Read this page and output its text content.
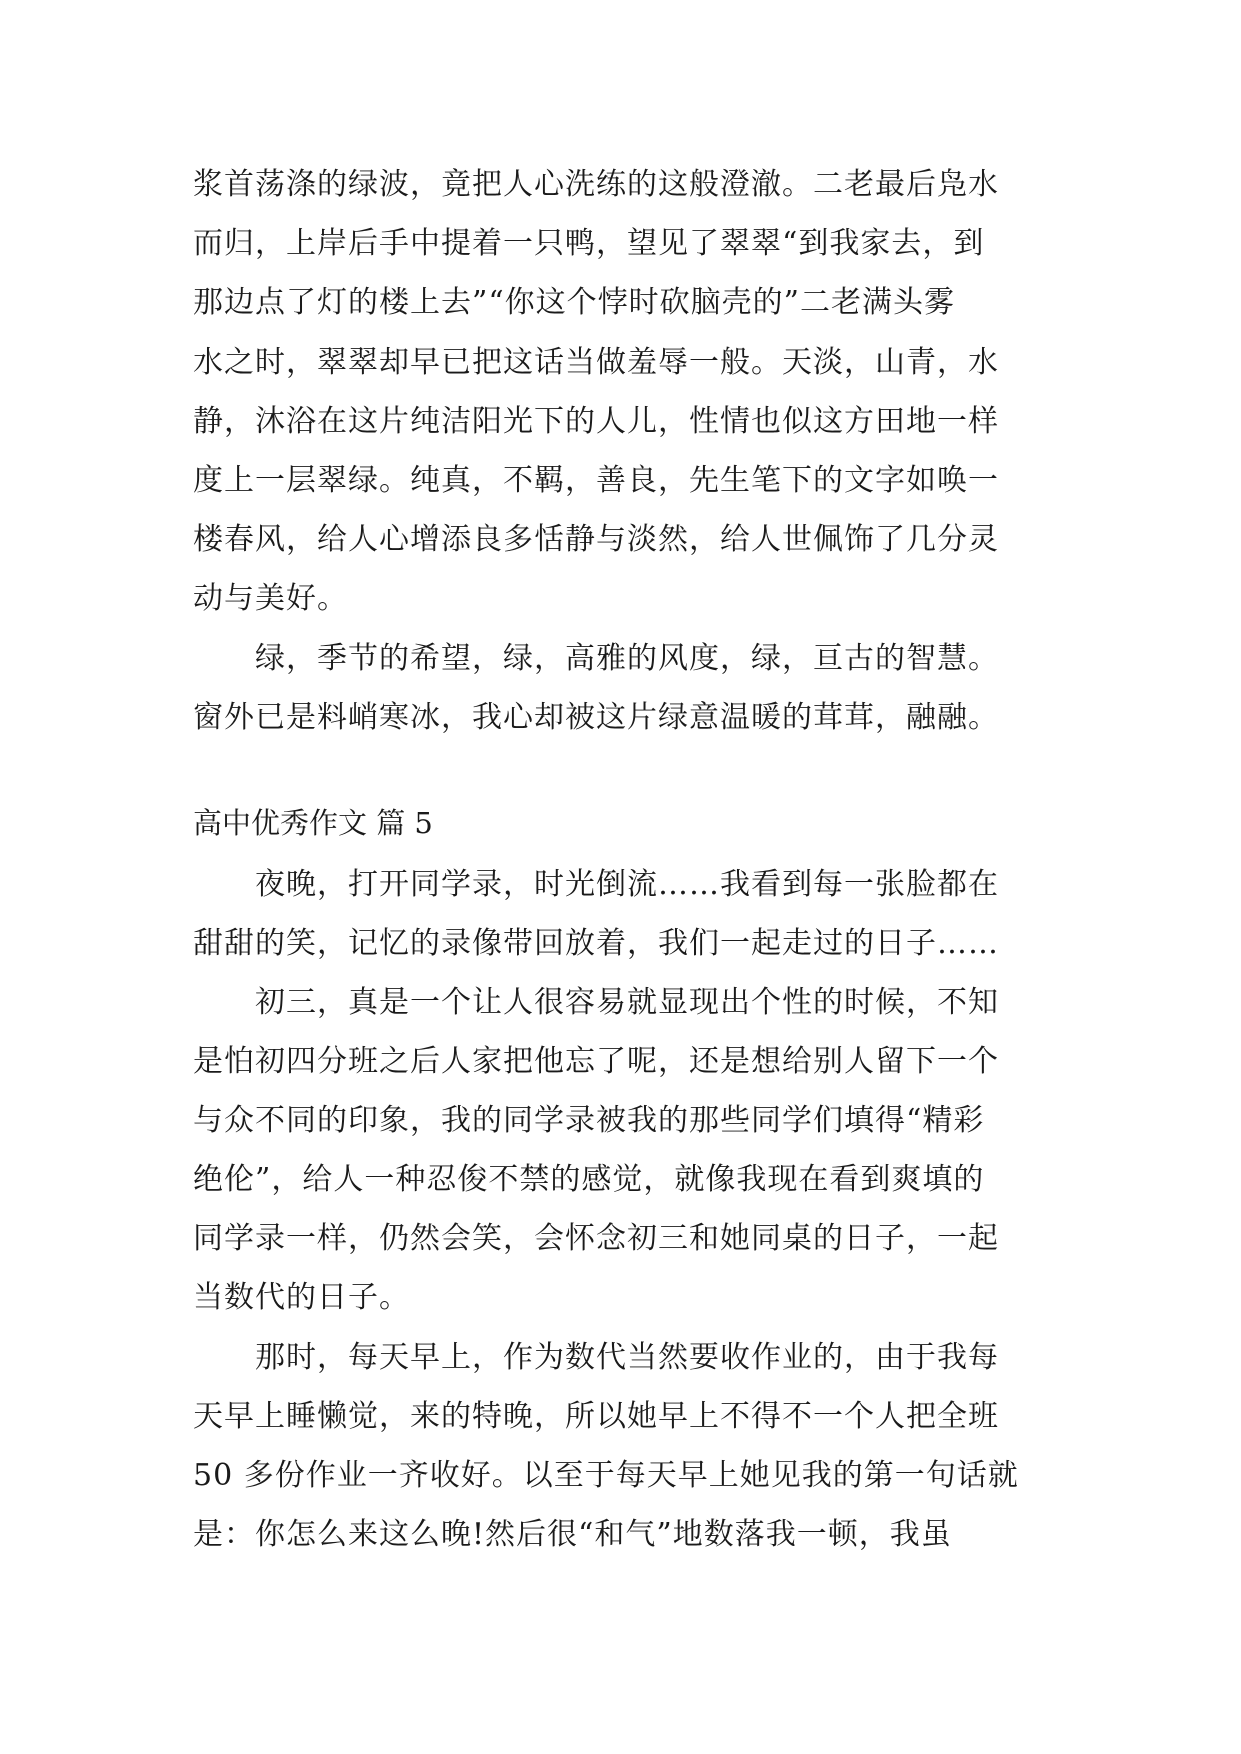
浆首荡涤的绿波，竟把人心洗练的这般澄澈。二老最后凫水
而归，上岸后手中提着一只鸭，望见了翠翠“到我家去，到
那边点了灯的楼上去”“你这个悖时砍脑壳的”二老满头雾
水之时，翠翠却早已把这话当做羞辱一般。天淡，山青，水
静，沐浴在这片纯洁阳光下的人儿，性情也似这方田地一样
度上一层翠绿。纯真，不羁，善良，先生笔下的文字如唤一
楼春风，给人心增添良多恬静与淡然，给人世佩饰了几分灵
动与美好。
　　绿，季节的希望，绿，高雅的风度，绿，亘古的智慧。
窗外已是料峭寒冰，我心却被这片绿意温暖的茸茸，融融。
高中优秀作文 篇 5
　　夜晚，打开同学录，时光倒流……我看到每一张脸都在
甜甜的笑，记忆的录像带回放着，我们一起走过的日子……
　　初三，真是一个让人很容易就显现出个性的时候，不知
是怕初四分班之后人家把他忘了呢，还是想给别人留下一个
与众不同的印象，我的同学录被我的那些同学们填得“精彩
绝伦”，给人一种忍俊不禁的感觉，就像我现在看到爽填的
同学录一样，仍然会笑，会怀念初三和她同桌的日子，一起
当数代的日子。
　　那时，每天早上，作为数代当然要收作业的，由于我每
天早上睡懒觉，来的特晚，所以她早上不得不一个人把全班
50 多份作业一齐收好。以至于每天早上她见我的第一句话就
是：你怎么来这么晚!然后很“和气”地数落我一顿，我虽
